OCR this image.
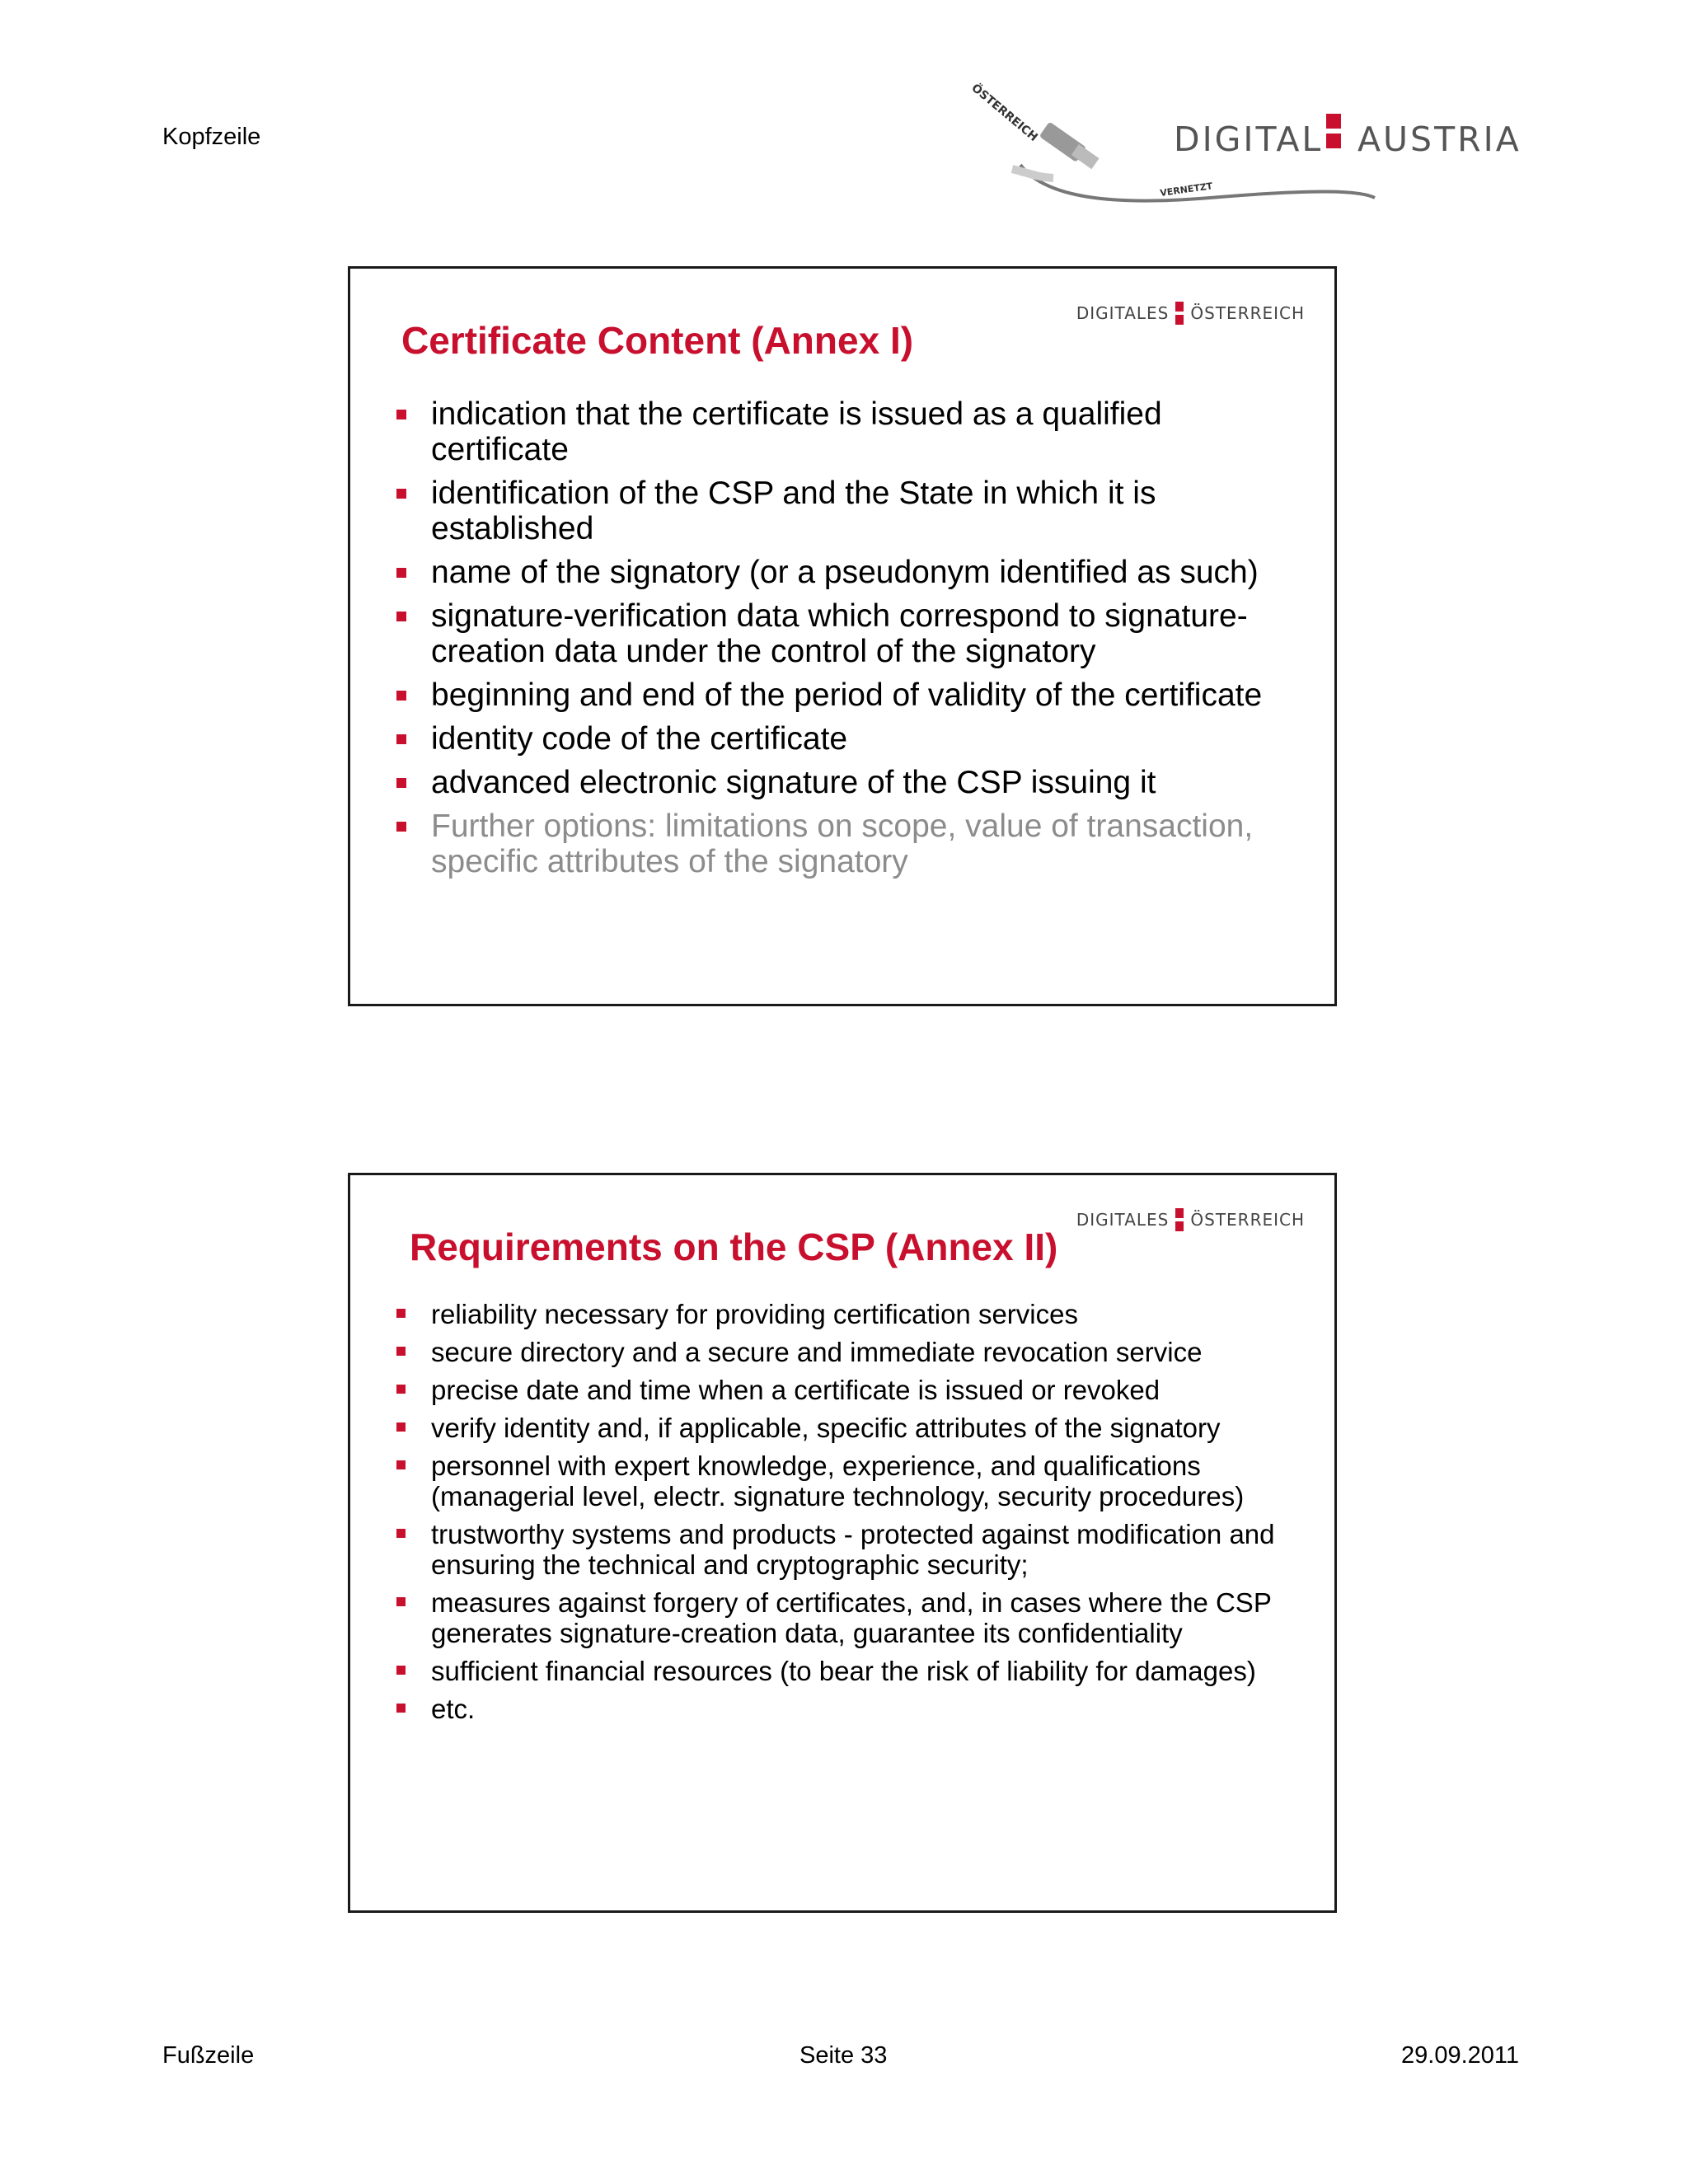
Kopfzeile	ÖSTERREICH
VERNETZT
DIGITAL AUSTRIA
DIGITALES ÖSTERREICH
Certificate Content (Annex I)
indication that the certificate is issued as a qualified certificate
identification of the CSP and the State in which it is established
name of the signatory (or a pseudonym identified as such)
signature-verification data which correspond to signature-creation data under the control of the signatory
beginning and end of the period of validity of the certificate
identity code of the certificate
advanced electronic signature of the CSP issuing it
Further options: limitations on scope, value of transaction, specific attributes of the signatory
DIGITALES ÖSTERREICH
Requirements on the CSP (Annex II)
reliability necessary for providing certification services
secure directory and a secure and immediate revocation service
precise date and time when a certificate is issued or revoked
verify identity and, if applicable, specific attributes of the signatory
personnel with expert knowledge, experience, and qualifications (managerial level, electr. signature technology, security procedures)
trustworthy systems and products - protected against modification and ensuring the technical and cryptographic security;
measures against forgery of certificates, and, in cases where the CSP generates signature-creation data, guarantee its confidentiality
sufficient financial resources (to bear the risk of liability for damages)
etc.
Fußzeile	Seite 33	29.09.2011
